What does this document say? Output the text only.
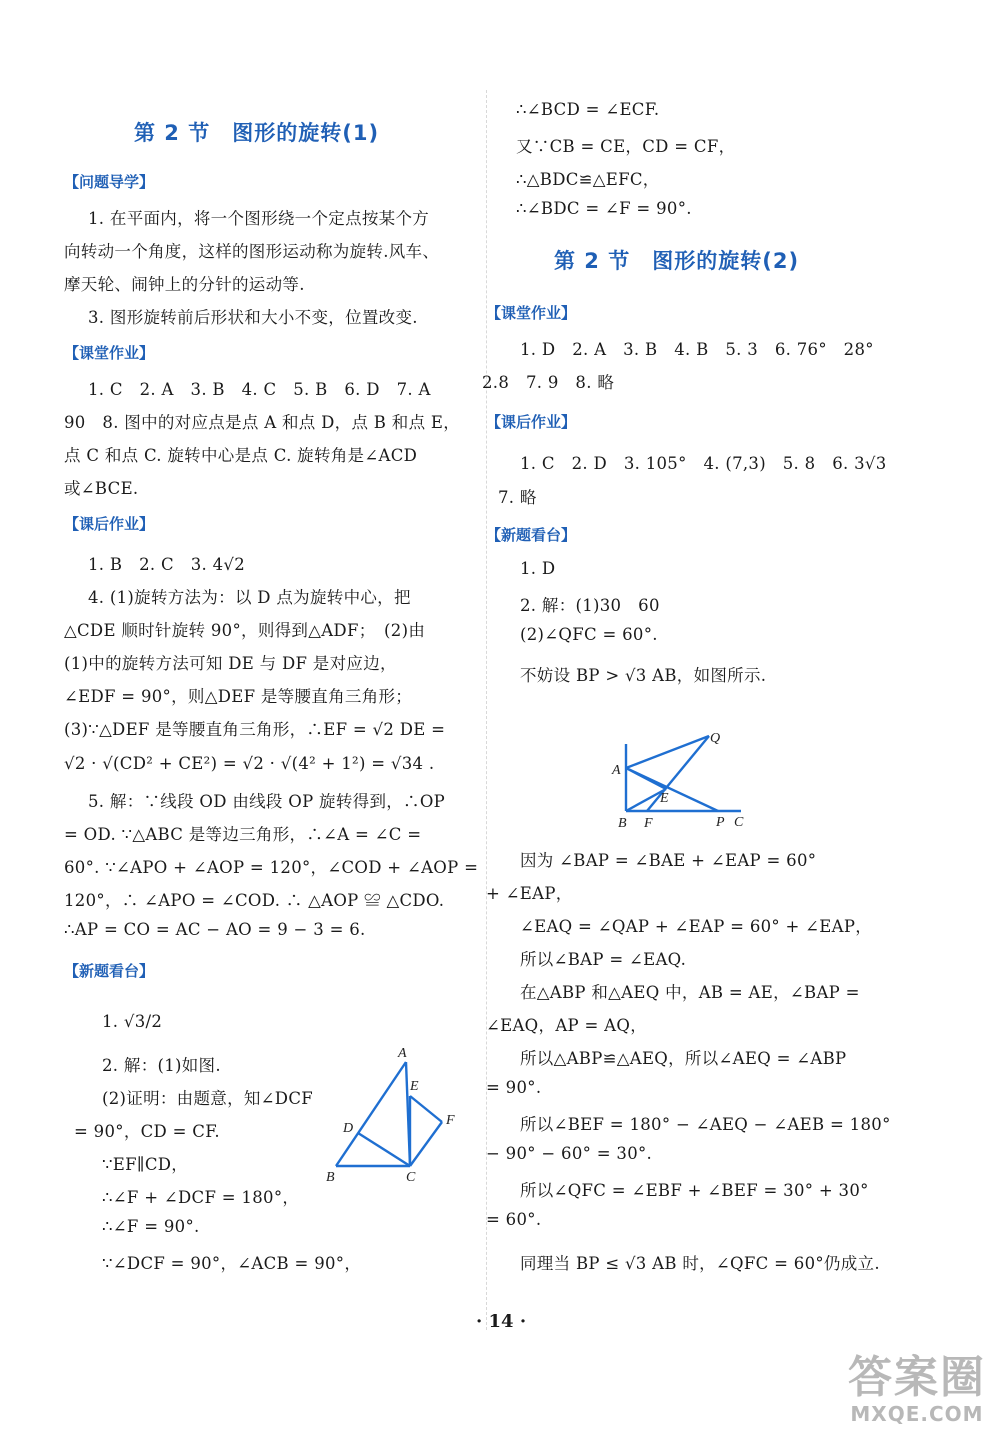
第 2 节　图形的旋转(1)
【问题导学】
1. 在平面内，将一个图形绕一个定点按某个方
向转动一个角度，这样的图形运动称为旋转.风车、
摩天轮、闹钟上的分针的运动等.
3. 图形旋转前后形状和大小不变，位置改变.
【课堂作业】
1. C　2. A　3. B　4. C　5. B　6. D　7. A
90　8. 图中的对应点是点 A 和点 D，点 B 和点 E，
点 C 和点 C. 旋转中心是点 C. 旋转角是∠ACD
或∠BCE.
【课后作业】
1. B　2. C　3. 4√2
4. (1)旋转方法为：以 D 点为旋转中心，把
△CDE 顺时针旋转 90°，则得到△ADF；　(2)由
(1)中的旋转方法可知 DE 与 DF 是对应边，
∠EDF = 90°，则△DEF 是等腰直角三角形；
(3)∵△DEF 是等腰直角三角形，∴EF = √2 DE =
√2 · √(CD² + CE²) = √2 · √(4² + 1²) = √34 .
5. 解：∵线段 OD 由线段 OP 旋转得到，∴OP
= OD. ∵△ABC 是等边三角形，∴∠A = ∠C =
60°. ∵∠APO + ∠AOP = 120°，∠COD + ∠AOP =
120°，∴ ∠APO = ∠COD. ∴ △AOP ≌ △CDO.
∴AP = CO = AC − AO = 9 − 3 = 6.
【新题看台】
1. √3/2
2. 解：(1)如图.
(2)证明：由题意，知∠DCF
= 90°，CD = CF.
∵EF∥CD，
∴∠F + ∠DCF = 180°，
∴∠F = 90°.
∵∠DCF = 90°，∠ACB = 90°，
A
E
F
D
B	C
∴∠BCD = ∠ECF.
又∵CB = CE，CD = CF，
∴△BDC≌△EFC，
∴∠BDC = ∠F = 90°.
第 2 节　图形的旋转(2)
【课堂作业】
1. D　2. A　3. B　4. B　5. 3　6. 76°　28°
2.8　7. 9　8. 略
【课后作业】
1. C　2. D　3. 105°　4. (7,3)　5. 8　6. 3√3
7. 略
【新题看台】
1. D
2. 解：(1)30　60
(2)∠QFC = 60°.
不妨设 BP > √3 AB，如图所示.
Q
A
E
B F	P C
因为 ∠BAP = ∠BAE + ∠EAP = 60°
+ ∠EAP，
∠EAQ = ∠QAP + ∠EAP = 60° + ∠EAP，
所以∠BAP = ∠EAQ.
在△ABP 和△AEQ 中，AB = AE，∠BAP =
∠EAQ，AP = AQ，
所以△ABP≌△AEQ，所以∠AEQ = ∠ABP
= 90°.
所以∠BEF = 180° − ∠AEQ − ∠AEB = 180°
− 90° − 60° = 30°.
所以∠QFC = ∠EBF + ∠BEF = 30° + 30°
= 60°.
同理当 BP ≤ √3 AB 时，∠QFC = 60°仍成立.
· 14 ·
答案圈
MXQE.COM
